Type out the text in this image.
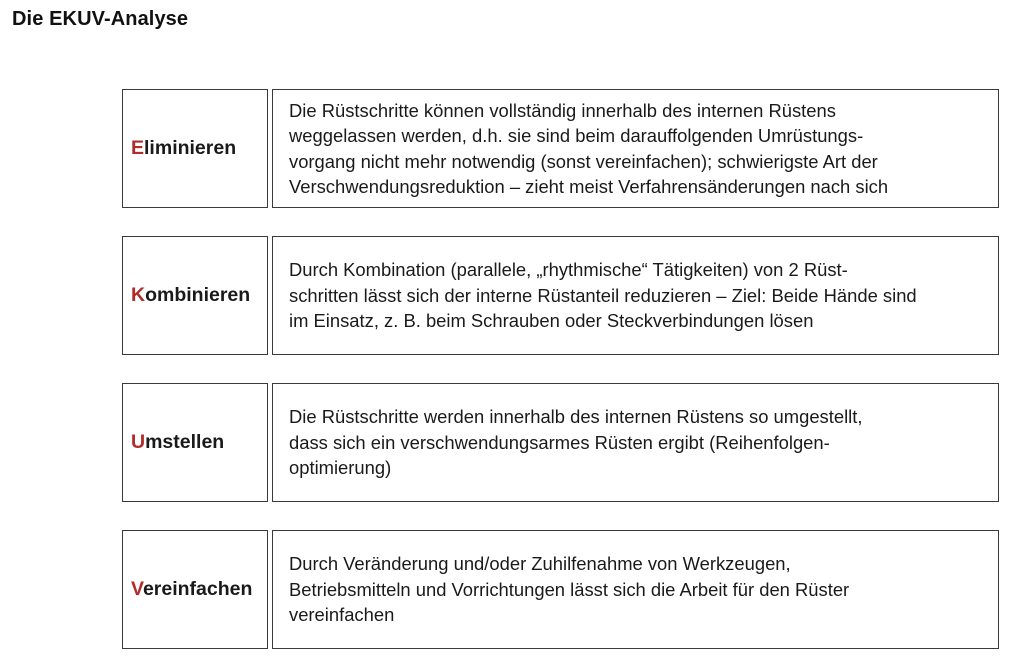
Die EKUV-Analyse
Eliminieren
Die Rüstschritte können vollständig innerhalb des internen Rüstens
weggelassen werden, d.h. sie sind beim darauffolgenden Umrüstungs-
vorgang nicht mehr notwendig (sonst vereinfachen); schwierigste Art der
Verschwendungsreduktion – zieht meist Verfahrensänderungen nach sich
Kombinieren
Durch Kombination (parallele, „rhythmische“ Tätigkeiten) von 2 Rüst-
schritten lässt sich der interne Rüstanteil reduzieren – Ziel: Beide Hände sind
im Einsatz, z. B. beim Schrauben oder Steckverbindungen lösen
Umstellen
Die Rüstschritte werden innerhalb des internen Rüstens so umgestellt,
dass sich ein verschwendungsarmes Rüsten ergibt (Reihenfolgen-
optimierung)
Vereinfachen
Durch Veränderung und/oder Zuhilfenahme von Werkzeugen,
Betriebsmitteln und Vorrichtungen lässt sich die Arbeit für den Rüster
vereinfachen
